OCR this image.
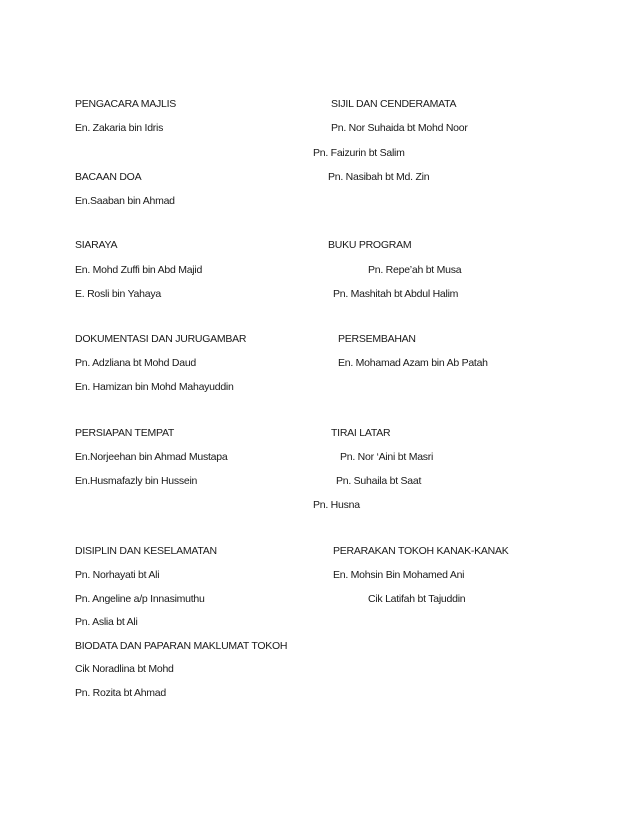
PENGACARA MAJLIS
En. Zakaria bin Idris
BACAAN DOA
En.Saaban bin Ahmad
SIARAYA
En. Mohd Zuffi bin Abd Majid
E. Rosli bin Yahaya
DOKUMENTASI DAN JURUGAMBAR
Pn. Adzliana bt Mohd Daud
En. Hamizan bin Mohd Mahayuddin
PERSIAPAN TEMPAT
En.Norjeehan bin Ahmad Mustapa
En.Husmafazly bin Hussein
DISIPLIN DAN KESELAMATAN
Pn. Norhayati bt Ali
Pn. Angeline a/p Innasimuthu
Pn. Aslia bt Ali
BIODATA DAN PAPARAN MAKLUMAT TOKOH
Cik Noradlina bt Mohd
Pn. Rozita bt Ahmad
SIJIL DAN CENDERAMATA
Pn. Nor Suhaida bt Mohd Noor
Pn. Faizurin bt Salim
Pn. Nasibah bt Md. Zin
BUKU PROGRAM
Pn. Repe’ah bt Musa
Pn. Mashitah bt Abdul Halim
PERSEMBAHAN
En. Mohamad Azam bin Ab Patah
TIRAI LATAR
Pn. Nor ‘Aini bt Masri
Pn. Suhaila bt Saat
Pn. Husna
PERARAKAN TOKOH KANAK-KANAK
En. Mohsin Bin Mohamed Ani
Cik Latifah bt Tajuddin
